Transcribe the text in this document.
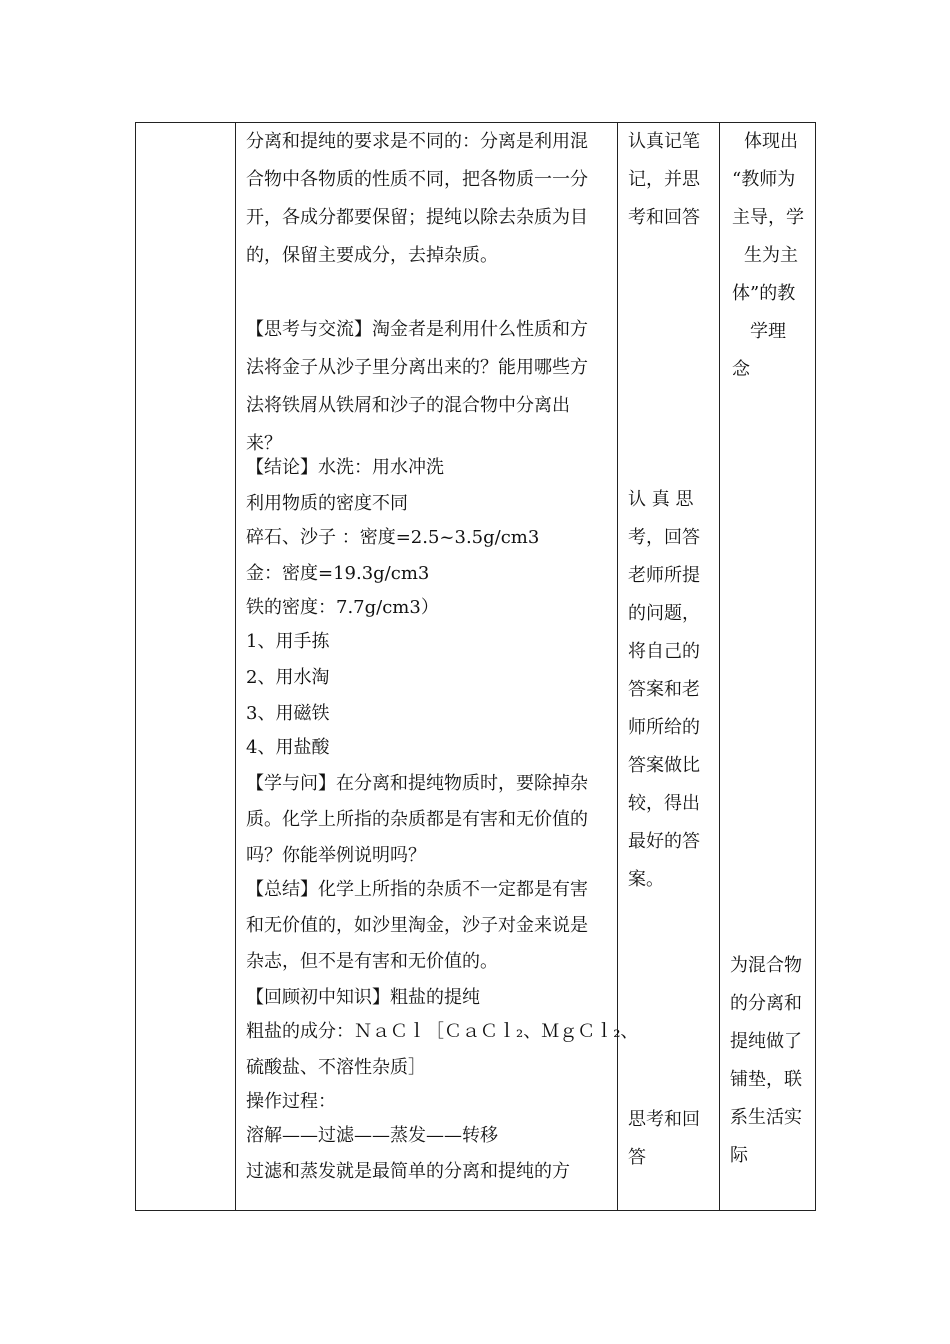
分离和提纯的要求是不同的：分离是利用混
合物中各物质的性质不同，把各物质一一分
开，各成分都要保留；提纯以除去杂质为目
的，保留主要成分，去掉杂质。
【思考与交流】淘金者是利用什么性质和方
法将金子从沙子里分离出来的？能用哪些方
法将铁屑从铁屑和沙子的混合物中分离出
来？
【结论】水洗：用水冲洗
利用物质的密度不同
碎石、沙子 ：密度=2.5~3.5g/cm3
金：密度=19.3g/cm3
铁的密度：7.7g/cm3）
1、用手拣
2、用水淘
3、用磁铁
4、用盐酸
【学与问】在分离和提纯物质时，要除掉杂
质。化学上所指的杂质都是有害和无价值的
吗？你能举例说明吗？
【总结】化学上所指的杂质不一定都是有害
和无价值的，如沙里淘金，沙子对金来说是
杂志，但不是有害和无价值的。
【回顾初中知识】粗盐的提纯
粗盐的成分：ＮａＣｌ［ＣａＣｌ₂、ＭｇＣｌ₂、
硫酸盐、不溶性杂质］
操作过程：
溶解——过滤——蒸发——转移
过滤和蒸发就是最简单的分离和提纯的方
认真记笔
记，并思
考和回答
认 真 思
考，回答
老师所提
的问题，
将自己的
答案和老
师所给的
答案做比
较，得出
最好的答
案。
思考和回
答
体现出
“教师为
主导，学
生为主
体”的教
学理
念
为混合物
的分离和
提纯做了
铺垫，联
系生活实
际
